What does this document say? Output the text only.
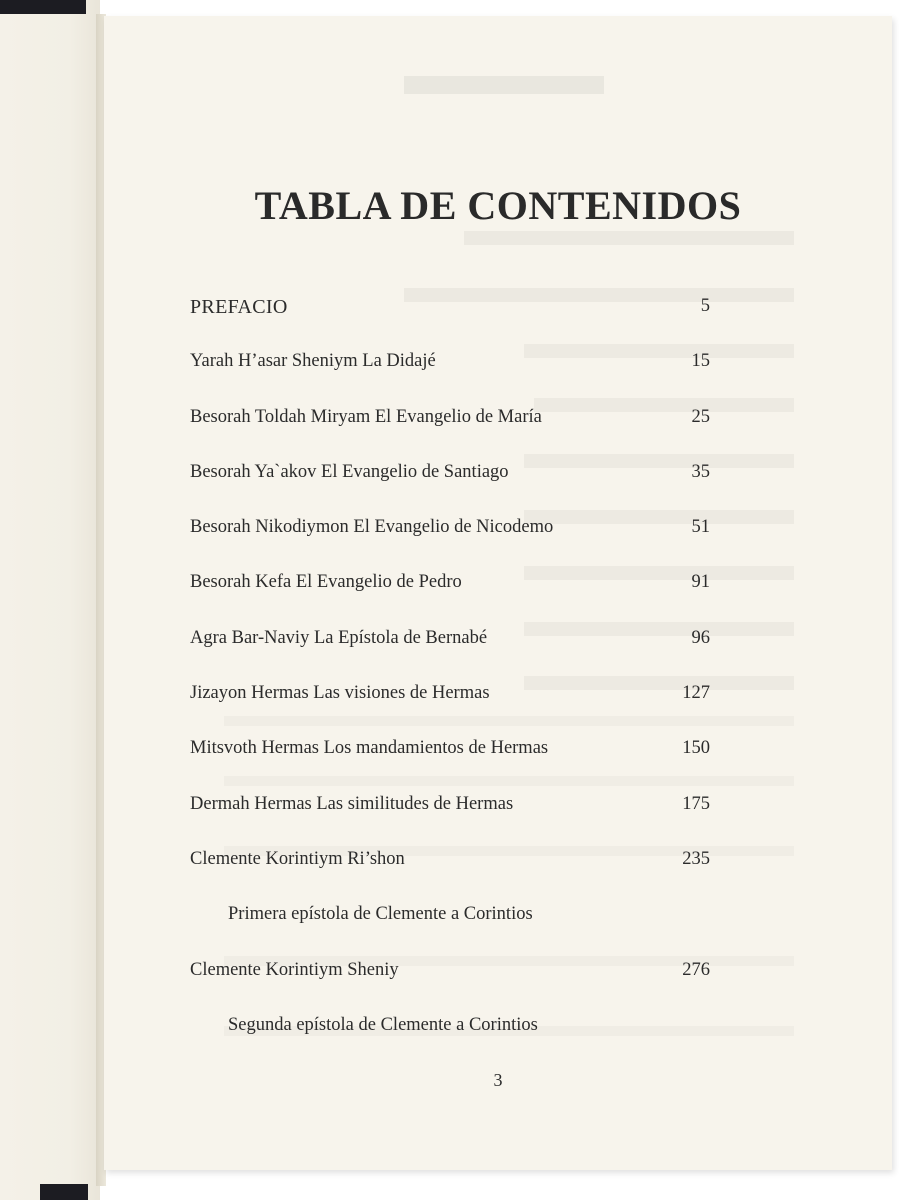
TABLA DE CONTENIDOS
PREFACIO	5
Yarah H’asar Sheniym La Didajé	15
Besorah Toldah Miryam El Evangelio de María	25
Besorah Ya`akov El Evangelio de Santiago	35
Besorah Nikodiymon El Evangelio de Nicodemo	51
Besorah Kefa El Evangelio de Pedro	91
Agra Bar-Naviy La Epístola de Bernabé	96
Jizayon Hermas Las visiones de Hermas	127
Mitsvoth Hermas Los mandamientos de Hermas	150
Dermah Hermas Las similitudes de Hermas	175
Clemente Korintiym Ri’shon	235
Primera epístola de Clemente a Corintios
Clemente Korintiym Sheniy	276
Segunda epístola de Clemente a Corintios
3
